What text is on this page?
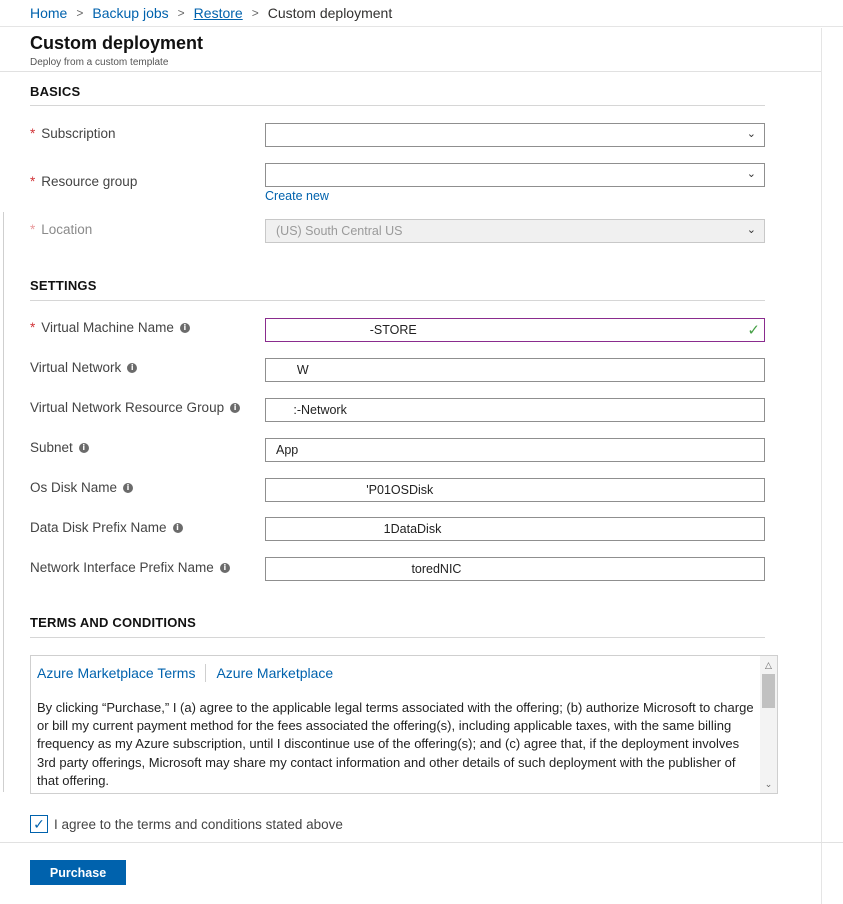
Home > Backup jobs > Restore > Custom deployment
Custom deployment
Deploy from a custom template
BASICS
* Subscription	⌄
* Resource group	⌄
Create new
* Location	(US) South Central US	⌄
SETTINGS
* Virtual Machine Name	i	‐STORE	✓
Virtual Network	i	W
Virtual Network Resource Group	i	:-Network
Subnet	i	App
Os Disk Name	i	'P01OSDisk
Data Disk Prefix Name	i	1DataDisk
Network Interface Prefix Name	i	toredNIC
TERMS AND CONDITIONS
Azure Marketplace Terms Azure Marketplace
By clicking “Purchase,” I (a) agree to the applicable legal terms associated with the offering; (b) authorize Microsoft to charge or bill my current payment method for the fees associated the offering(s), including applicable taxes, with the same billing frequency as my Azure subscription, until I discontinue use of the offering(s); and (c) agree that, if the deployment involves 3rd party offerings, Microsoft may share my contact information and other details of such deployment with the publisher of that offering.
△
⌄
✓ I agree to the terms and conditions stated above
Purchase
